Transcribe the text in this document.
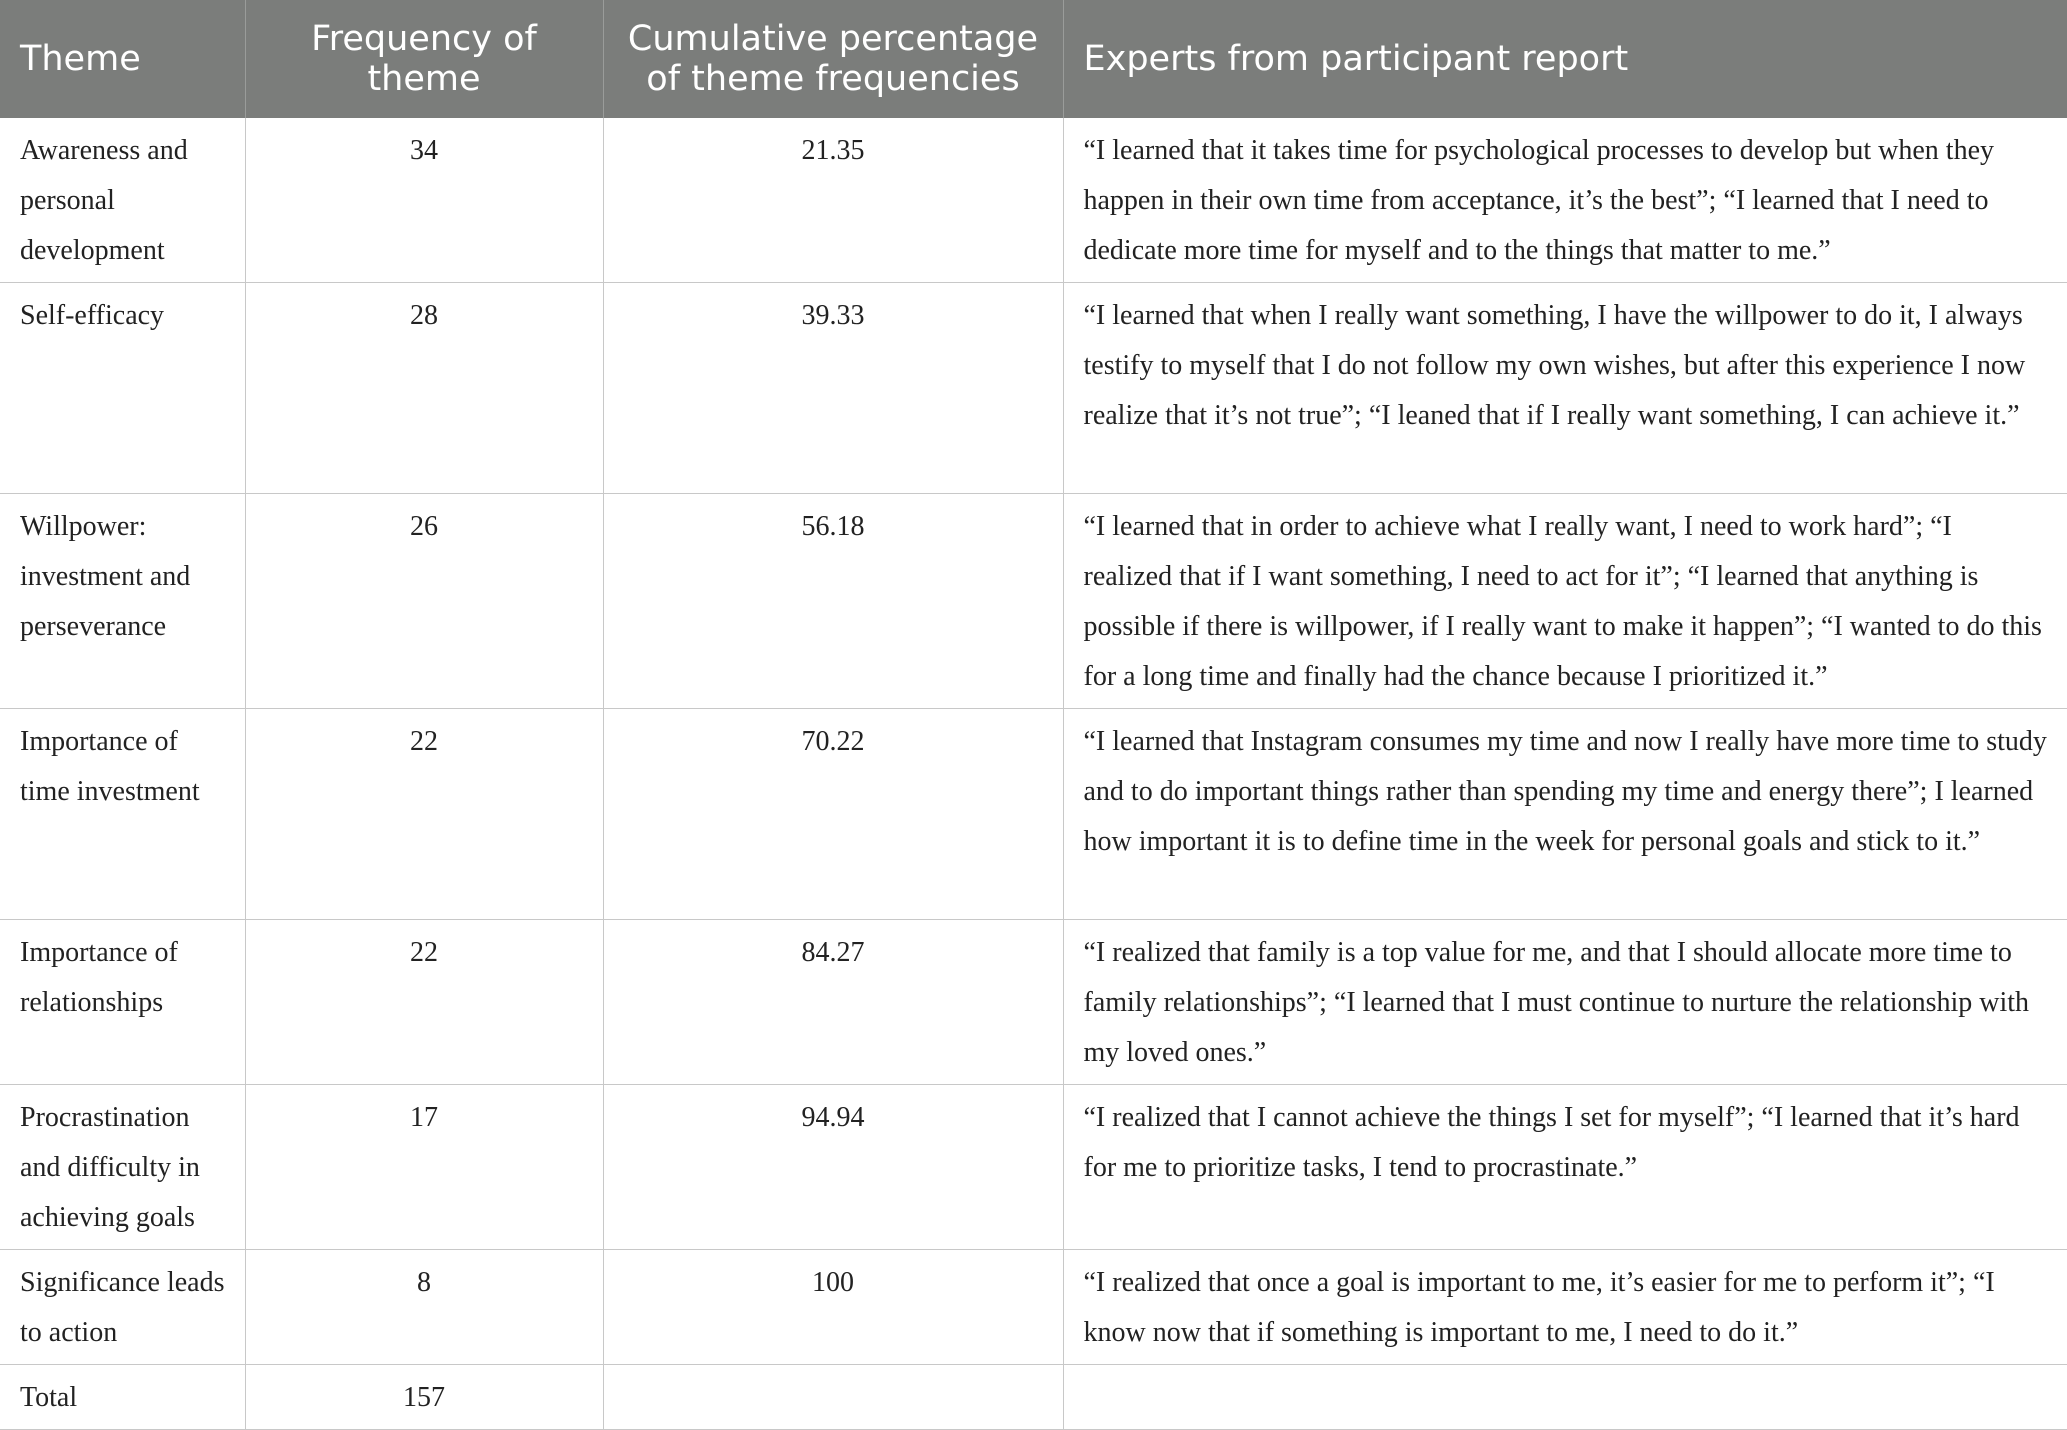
Theme	Frequency of theme	Cumulative percentage of theme frequencies	Experts from participant report
Awareness and personal development	34	21.35	“I learned that it takes time for psychological processes to develop but when they happen in their own time from acceptance, it’s the best”; “I learned that I need to dedicate more time for myself and to the things that matter to me.”
Self-efficacy	28	39.33	“I learned that when I really want something, I have the willpower to do it, I always testify to myself that I do not follow my own wishes, but after this experience I now realize that it’s not true”; “I leaned that if I really want something, I can achieve it.”
Willpower: investment and perseverance	26	56.18	“I learned that in order to achieve what I really want, I need to work hard”; “I realized that if I want something, I need to act for it”; “I learned that anything is possible if there is willpower, if I really want to make it happen”; “I wanted to do this for a long time and finally had the chance because I prioritized it.”
Importance of time investment	22	70.22	“I learned that Instagram consumes my time and now I really have more time to study and to do important things rather than spending my time and energy there”; I learned how important it is to define time in the week for personal goals and stick to it.”
Importance of relationships	22	84.27	“I realized that family is a top value for me, and that I should allocate more time to family relationships”; “I learned that I must continue to nurture the relationship with my loved ones.”
Procrastination and difficulty in achieving goals	17	94.94	“I realized that I cannot achieve the things I set for myself”; “I learned that it’s hard for me to prioritize tasks, I tend to procrastinate.”
Significance leads to action	8	100	“I realized that once a goal is important to me, it’s easier for me to perform it”; “I know now that if something is important to me, I need to do it.”
Total	157		
